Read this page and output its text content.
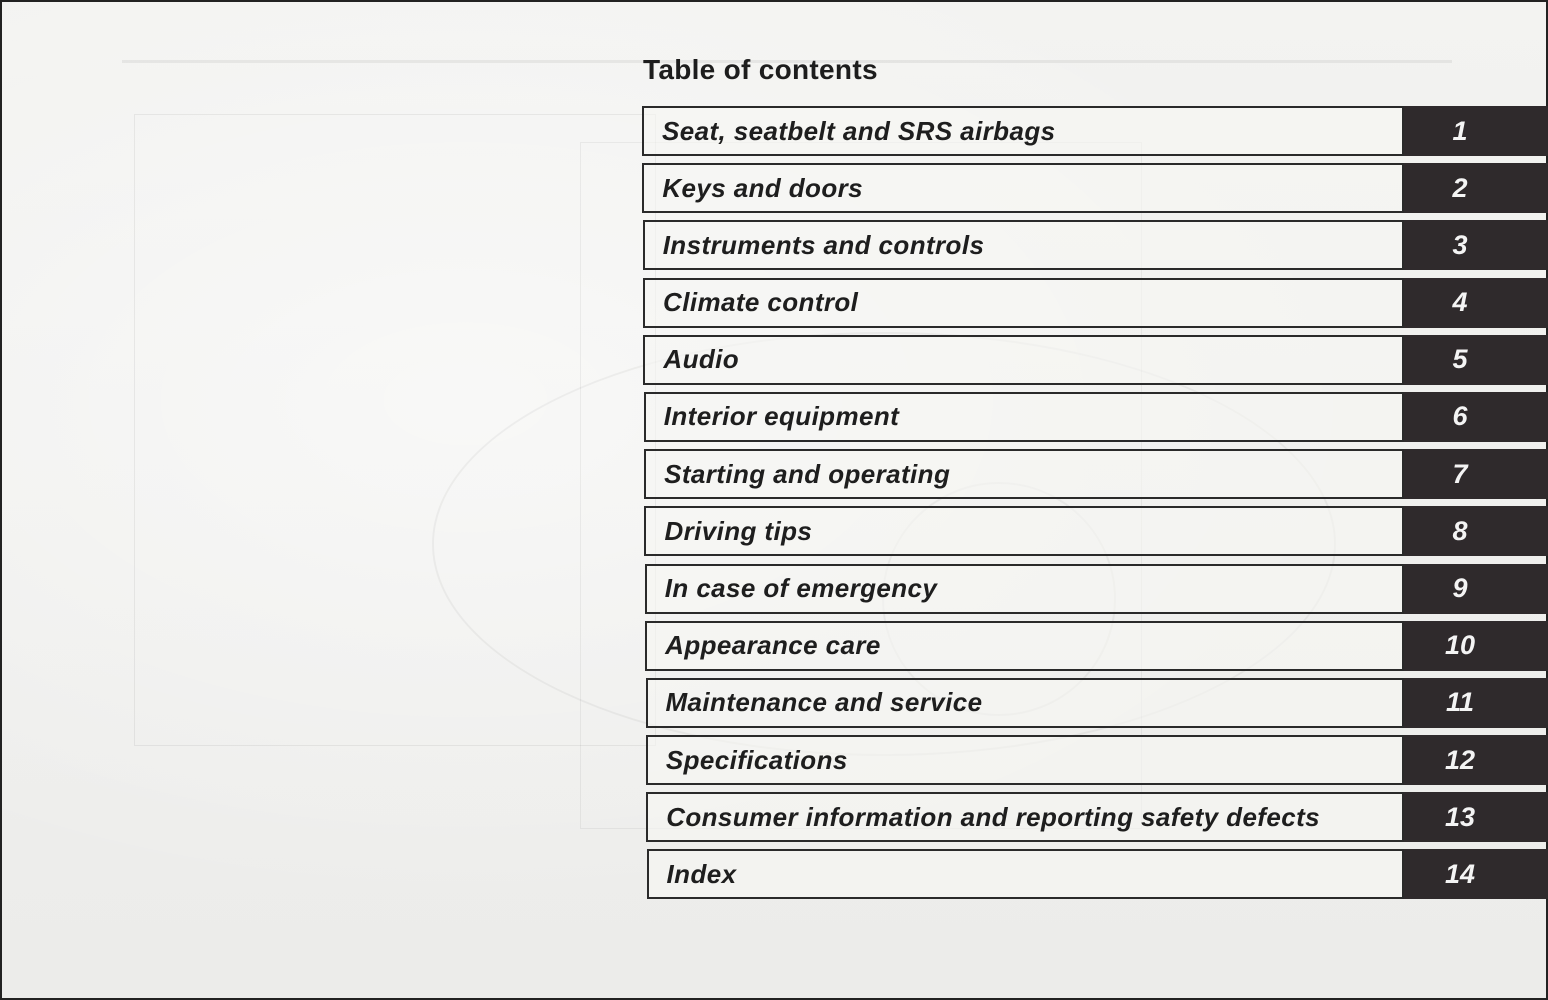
Table of contents
Seat, seatbelt and SRS airbags	1
Keys and doors	2
Instruments and controls	3
Climate control	4
Audio	5
Interior equipment	6
Starting and operating	7
Driving tips	8
In case of emergency	9
Appearance care	10
Maintenance and service	11
Specifications	12
Consumer information and reporting safety defects	13
Index	14
